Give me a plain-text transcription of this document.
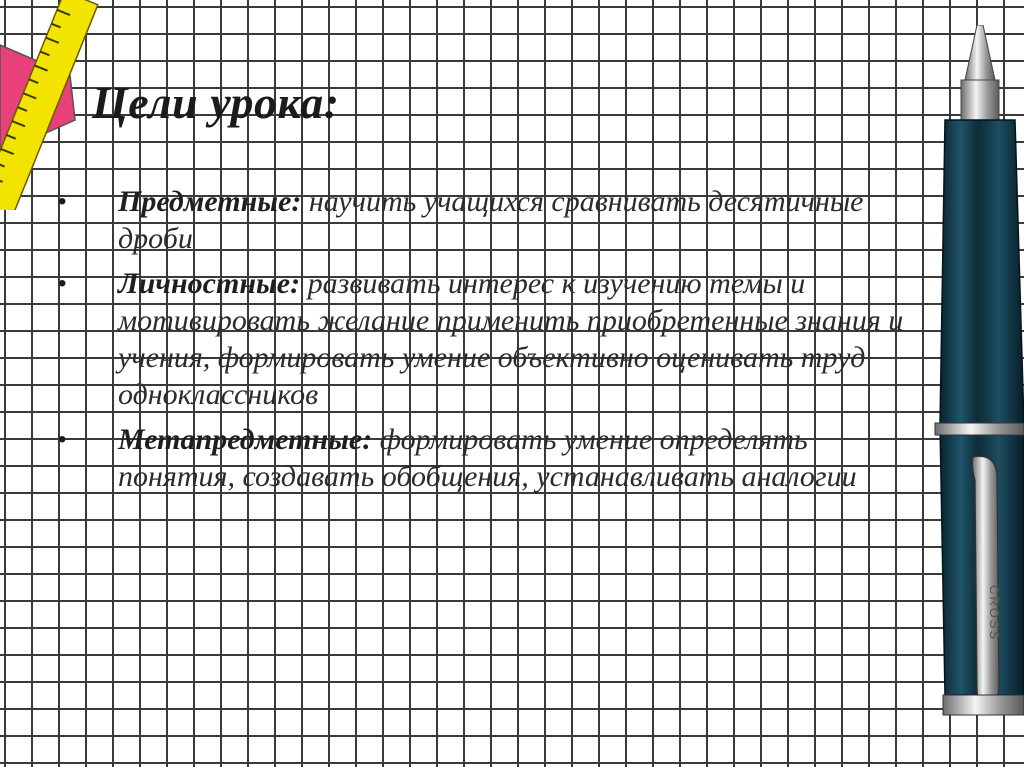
CROSS
Цели урока:
• Предметные: научить учащихся сравнивать десятичные дроби
• Личностные: развивать интерес к изучению темы и мотивировать желание применить приобретенные знания и учения, формировать умение объективно оценивать труд одноклассников
• Метапредметные: формировать умение определять понятия, создавать обобщения, устанавливать аналогии
